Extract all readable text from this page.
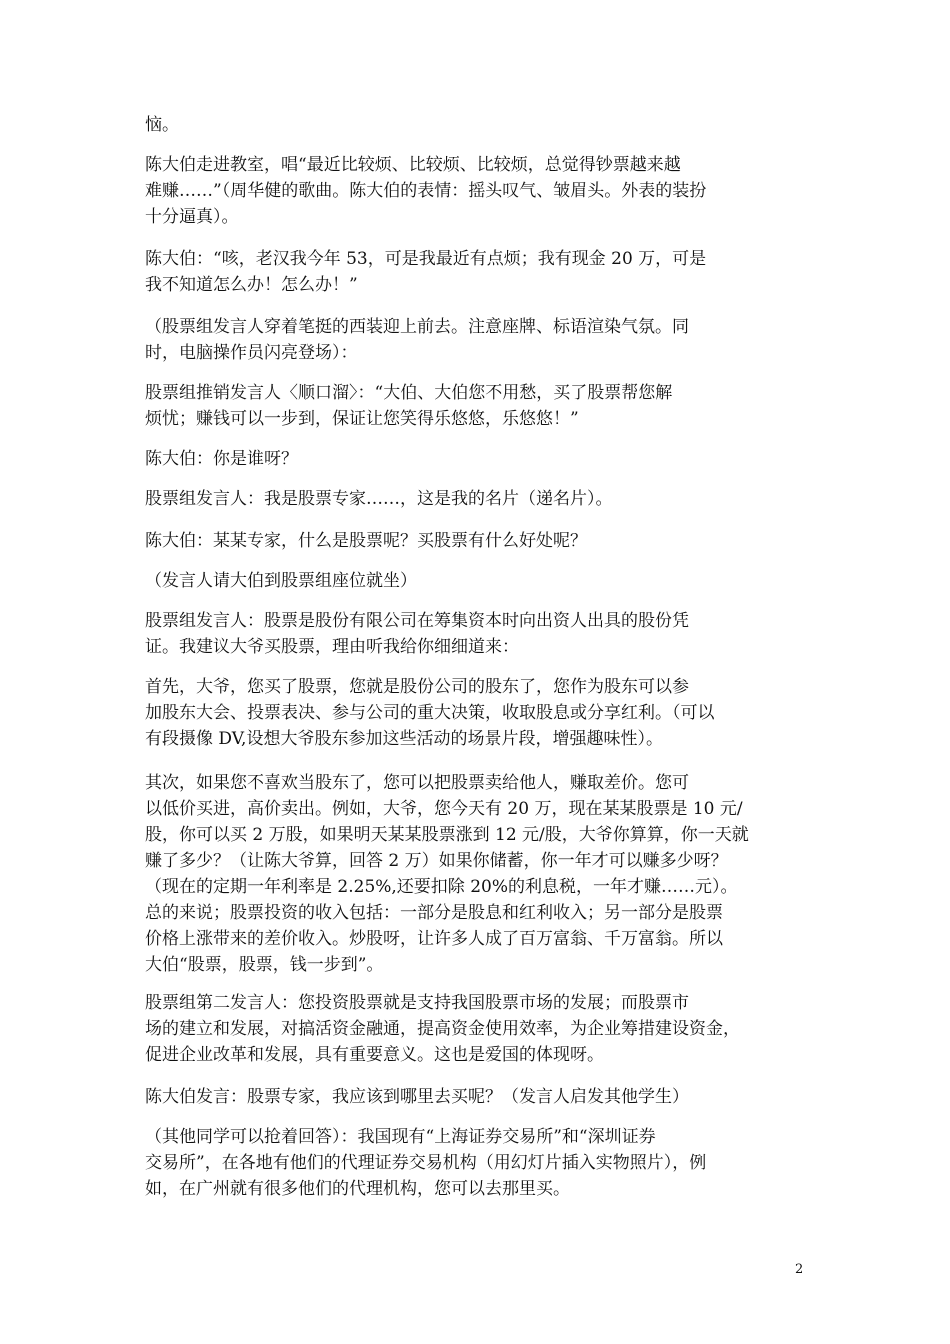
恼。
陈大伯走进教室，唱“最近比较烦、比较烦、比较烦，总觉得钞票越来越
难赚……”（周华健的歌曲。陈大伯的表情：摇头叹气、皱眉头。外表的装扮
十分逼真）。
陈大伯：“咳，老汉我今年 53，可是我最近有点烦；我有现金 20 万，可是
我不知道怎么办！怎么办！”
（股票组发言人穿着笔挺的西装迎上前去。注意座牌、标语渲染气氛。同
时，电脑操作员闪亮登场）：
股票组推销发言人〈顺口溜〉：“大伯、大伯您不用愁，买了股票帮您解
烦忧；赚钱可以一步到，保证让您笑得乐悠悠，乐悠悠！”
陈大伯：你是谁呀？
股票组发言人：我是股票专家……，这是我的名片（递名片）。
陈大伯：某某专家，什么是股票呢？买股票有什么好处呢？
（发言人请大伯到股票组座位就坐）
股票组发言人：股票是股份有限公司在筹集资本时向出资人出具的股份凭
证。我建议大爷买股票，理由听我给你细细道来：
首先，大爷，您买了股票，您就是股份公司的股东了，您作为股东可以参
加股东大会、投票表决、参与公司的重大决策，收取股息或分享红利。（可以
有段摄像 DV,设想大爷股东参加这些活动的场景片段，增强趣味性）。
其次，如果您不喜欢当股东了，您可以把股票卖给他人，赚取差价。您可
以低价买进，高价卖出。例如，大爷，您今天有 20 万，现在某某股票是 10 元/
股，你可以买 2 万股，如果明天某某股票涨到 12 元/股，大爷你算算，你一天就
赚了多少？（让陈大爷算，回答 2 万）如果你储蓄，你一年才可以赚多少呀？
（现在的定期一年利率是 2.25%,还要扣除 20%的利息税，一年才赚……元）。
总的来说；股票投资的收入包括：一部分是股息和红利收入；另一部分是股票
价格上涨带来的差价收入。炒股呀，让许多人成了百万富翁、千万富翁。所以
大伯“股票，股票，钱一步到”。
股票组第二发言人：您投资股票就是支持我国股票市场的发展；而股票市
场的建立和发展，对搞活资金融通，提高资金使用效率，为企业筹措建设资金，
促进企业改革和发展，具有重要意义。这也是爱国的体现呀。
陈大伯发言：股票专家，我应该到哪里去买呢？（发言人启发其他学生）
（其他同学可以抢着回答）：我国现有“上海证券交易所”和“深圳证券
交易所”，在各地有他们的代理证券交易机构（用幻灯片插入实物照片），例
如，在广州就有很多他们的代理机构，您可以去那里买。
2
